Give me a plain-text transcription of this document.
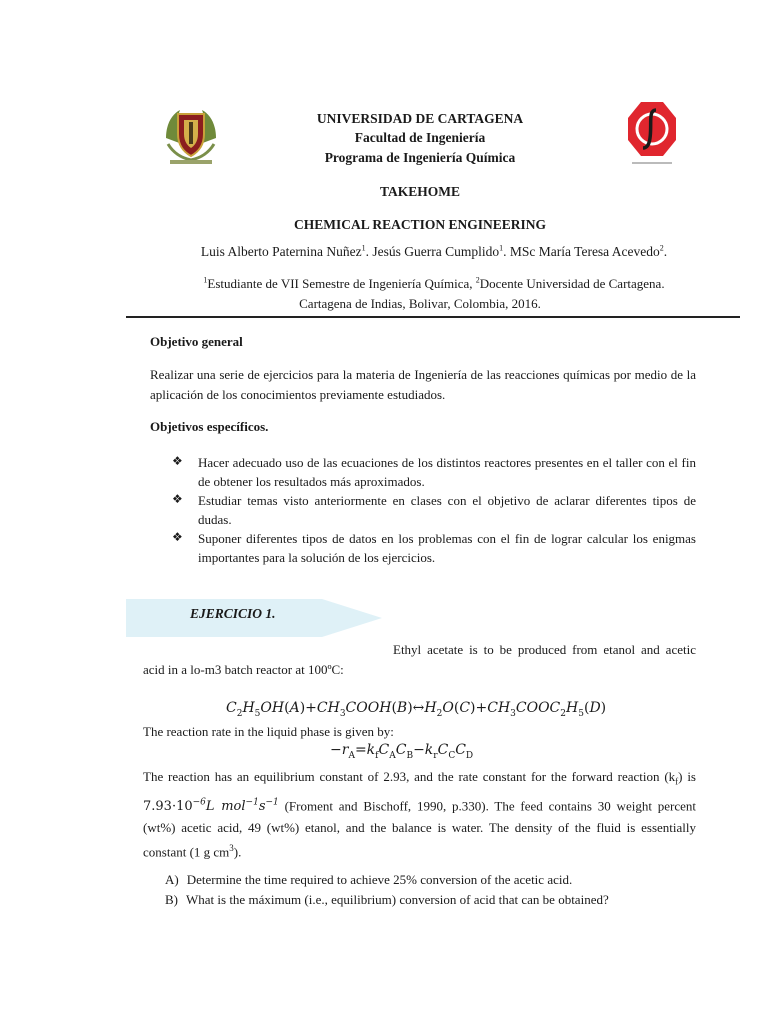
UNIVERSIDAD DE CARTAGENA
Facultad de Ingeniería
Programa de Ingeniería Química
TAKEHOME
CHEMICAL REACTION ENGINEERING
Luis Alberto Paternina Nuñez$^1$. Jesús Guerra Cumplido$^1$. MSc María Teresa Acevedo$^2$.
$^1$Estudiante de VII Semestre de Ingeniería Química, $^2$Docente Universidad de Cartagena.
Cartagena de Indias, Bolivar, Colombia, 2016.
Objetivo general
Realizar una serie de ejercicios para la materia de Ingeniería de las reacciones químicas por medio de la aplicación de los conocimientos previamente estudiados.
Objetivos específicos.
❖	Hacer adecuado uso de las ecuaciones de los distintos reactores presentes en el taller con el fin de obtener los resultados más aproximados.
❖	Estudiar temas visto anteriormente en clases con el objetivo de aclarar diferentes tipos de dudas.
❖	Suponer diferentes tipos de datos en los problemas con el fin de lograr calcular los enigmas importantes para la solución de los ejercicios.
EJERCICIO 1.
Ethyl acetate is to be produced from etanol and acetic acid in a lo-m3 batch reactor at 100ºC:
$C_2H_5OH(A)+CH_3COOH(B)\leftrightarrow H_2O(C)+CH_3COOC_2H_5(D)$
The reaction rate in the liquid phase is given by:
$-r_A=k_fC_AC_B-k_rC_CC_D$
The reaction has an equilibrium constant of 2.93, and the rate constant for the forward reaction $(k_f)$ is $7.93\cdot 10^{-6}L$ $mol^{-1}s^{-1}$ (Froment and Bischoff, 1990, p.330). The feed contains 30 weight percent (wt%) acetic acid, 49 (wt%) etanol, and the balance is water. The density of the fluid is essentially constant (1 g $cm^3$).
A) Determine the time required to achieve 25% conversion of the acetic acid.
B) What is the máximum (i.e., equilibrium) conversion of acid that can be obtained?
